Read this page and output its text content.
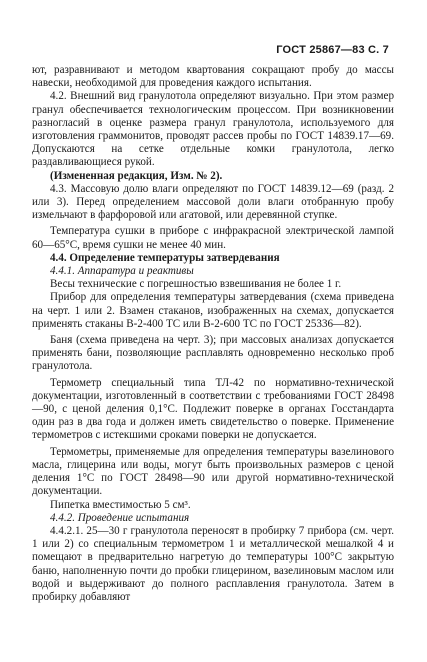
ГОСТ 25867—83 С. 7

ют, разравнивают и методом квартования сокращают пробу до массы навески, необходимой для проведения каждого испытания.

4.2. Внешний вид гранулотола определяют визуально. При этом размер гранул обеспечивается технологическим процессом. При возникновении разногласий в оценке размера гранул гранулотола, используемого для изготовления граммонитов, проводят рассев пробы по ГОСТ 14839.17—69. Допускаются на сетке отдельные комки гранулотола, легко раздавливающиеся рукой.

(Измененная редакция, Изм. № 2).

4.3. Массовую долю влаги определяют по ГОСТ 14839.12—69 (разд. 2 или 3). Перед определением массовой доли влаги отобранную пробу измельчают в фарфоровой или агатовой, или деревянной ступке.

Температура сушки в приборе с инфракрасной электрической лампой 60—65°С, время сушки не менее 40 мин.

4.4. Определение температуры затвердевания

4.4.1. Аппаратура и реактивы

Весы технические с погрешностью взвешивания не более 1 г.

Прибор для определения температуры затвердевания (схема приведена на черт. 1 или 2. Взамен стаканов, изображенных на схемах, допускается применять стаканы В-2-400 ТС или В-2-600 ТС по ГОСТ 25336—82).

Баня (схема приведена на черт. 3); при массовых анализах допускается применять бани, позволяющие расплавлять одновременно несколько проб гранулотола.

Термометр специальный типа ТЛ-42 по нормативно-технической документации, изготовленный в соответствии с требованиями ГОСТ 28498—90, с ценой деления 0,1°С. Подлежит поверке в органах Госстандарта один раз в два года и должен иметь свидетельство о поверке. Применение термометров с истекшими сроками поверки не допускается.

Термометры, применяемые для определения температуры вазелинового масла, глицерина или воды, могут быть произвольных размеров с ценой деления 1°С по ГОСТ 28498—90 или другой нормативно-технической документации.

Пипетка вместимостью 5 см³.

4.4.2. Проведение испытания

4.4.2.1. 25—30 г гранулотола переносят в пробирку 7 прибора (см. черт. 1 или 2) со специальным термометром 1 и металлической мешалкой 4 и помещают в предварительно нагретую до температуры 100°С закрытую баню, наполненную почти до пробки глицерином, вазелиновым маслом или водой и выдерживают до полного расплавления гранулотола. Затем в пробирку добавляют
